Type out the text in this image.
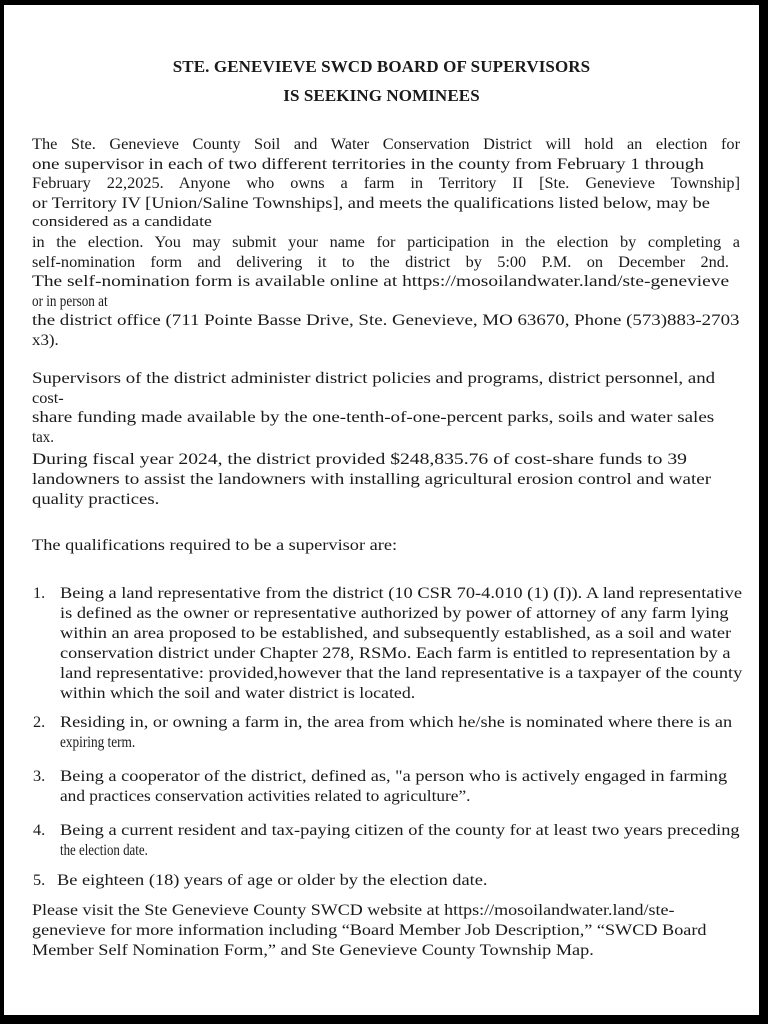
STE. GENEVIEVE SWCD BOARD OF SUPERVISORS
IS SEEKING NOMINEES
The Ste. Genevieve County Soil and Water Conservation District will hold an election for
one supervisor in each of two different territories in the county from February 1 through
February 22,2025. Anyone who owns a farm in Territory II [Ste. Genevieve Township]
or Territory IV [Union/Saline Townships], and meets the qualifications listed below, may be
considered as a candidate
in the election. You may submit your name for participation in the election by completing a
self-nomination form and delivering it to the district by 5:00 P.M. on December 2nd.
The self-nomination form is available online at https://mosoilandwater.land/ste-genevieve
or in person at
the district office (711 Pointe Basse Drive, Ste. Genevieve, MO 63670, Phone (573)883-2703
x3).
Supervisors of the district administer district policies and programs, district personnel, and
cost-
share funding made available by the one-tenth-of-one-percent parks, soils and water sales
tax.
During fiscal year 2024, the district provided $248,835.76 of cost-share funds to 39
landowners to assist the landowners with installing agricultural erosion control and water
quality practices.
The qualifications required to be a supervisor are:
1. Being a land representative from the district (10 CSR 70-4.010 (1) (I)). A land representative
is defined as the owner or representative authorized by power of attorney of any farm lying
within an area proposed to be established, and subsequently established, as a soil and water
conservation district under Chapter 278, RSMo. Each farm is entitled to representation by a
land representative: provided,however that the land representative is a taxpayer of the county
within which the soil and water district is located.
2. Residing in, or owning a farm in, the area from which he/she is nominated where there is an
expiring term.
3. Being a cooperator of the district, defined as, "a person who is actively engaged in farming
and practices conservation activities related to agriculture”.
4. Being a current resident and tax-paying citizen of the county for at least two years preceding
the election date.
5. Be eighteen (18) years of age or older by the election date.
Please visit the Ste Genevieve County SWCD website at https://mosoilandwater.land/ste-
genevieve for more information including “Board Member Job Description,” “SWCD Board
Member Self Nomination Form,” and Ste Genevieve County Township Map.
